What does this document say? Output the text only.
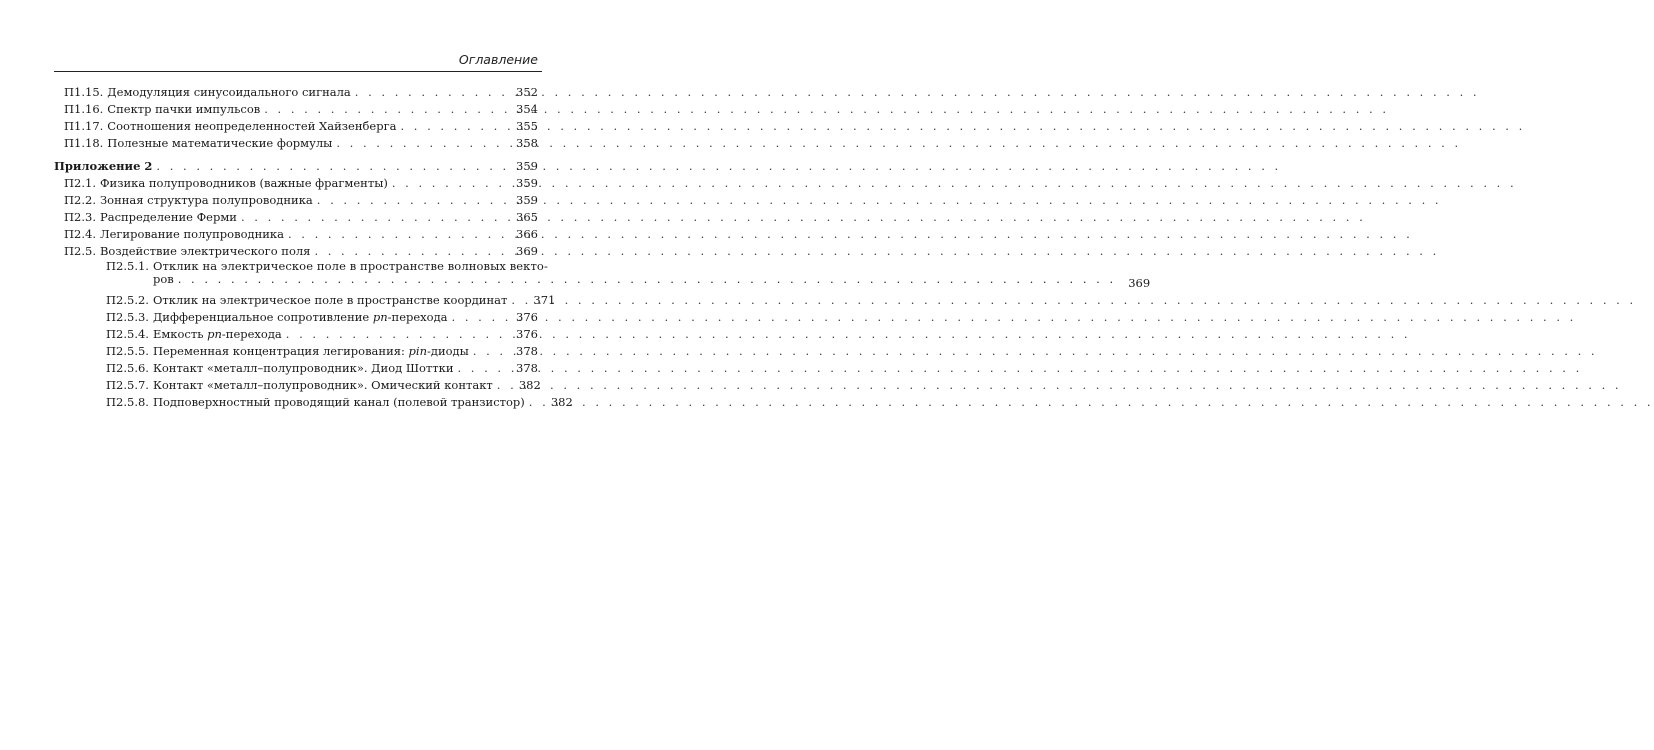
Оглавление
П1.15. Демодуляция синусоидального сигнала . . .	352
П1.16. Спектр пачки импульсов . . .	354
П1.17. Соотношения неопределенностей Хайзенберга . . .	355
П1.18. Полезные математические формулы . . .	358
Приложение 2 . . .	359
П2.1. Физика полупроводников (важные фрагменты) . . .	359
П2.2. Зонная структура полупроводника . . .	359
П2.3. Распределение Ферми . . .	365
П2.4. Легирование полупроводника . . .	366
П2.5. Воздействие электрического поля . . .	369
П2.5.1. Отклик на электрическое поле в пространстве волновых векто-
ров . . .	369
П2.5.2. Отклик на электрическое поле в пространстве координат . . .	371
П2.5.3. Дифференциальное сопротивление pn-перехода . . .	376
П2.5.4. Емкость pn-перехода . . .	376
П2.5.5. Переменная концентрация легирования: pin-диоды . . .	378
П2.5.6. Контакт «металл–полупроводник». Диод Шоттки . . .	378
П2.5.7. Контакт «металл–полупроводник». Омический контакт . . .	382
П2.5.8. Подповерхностный проводящий канал (полевой транзистор) . . .	382
